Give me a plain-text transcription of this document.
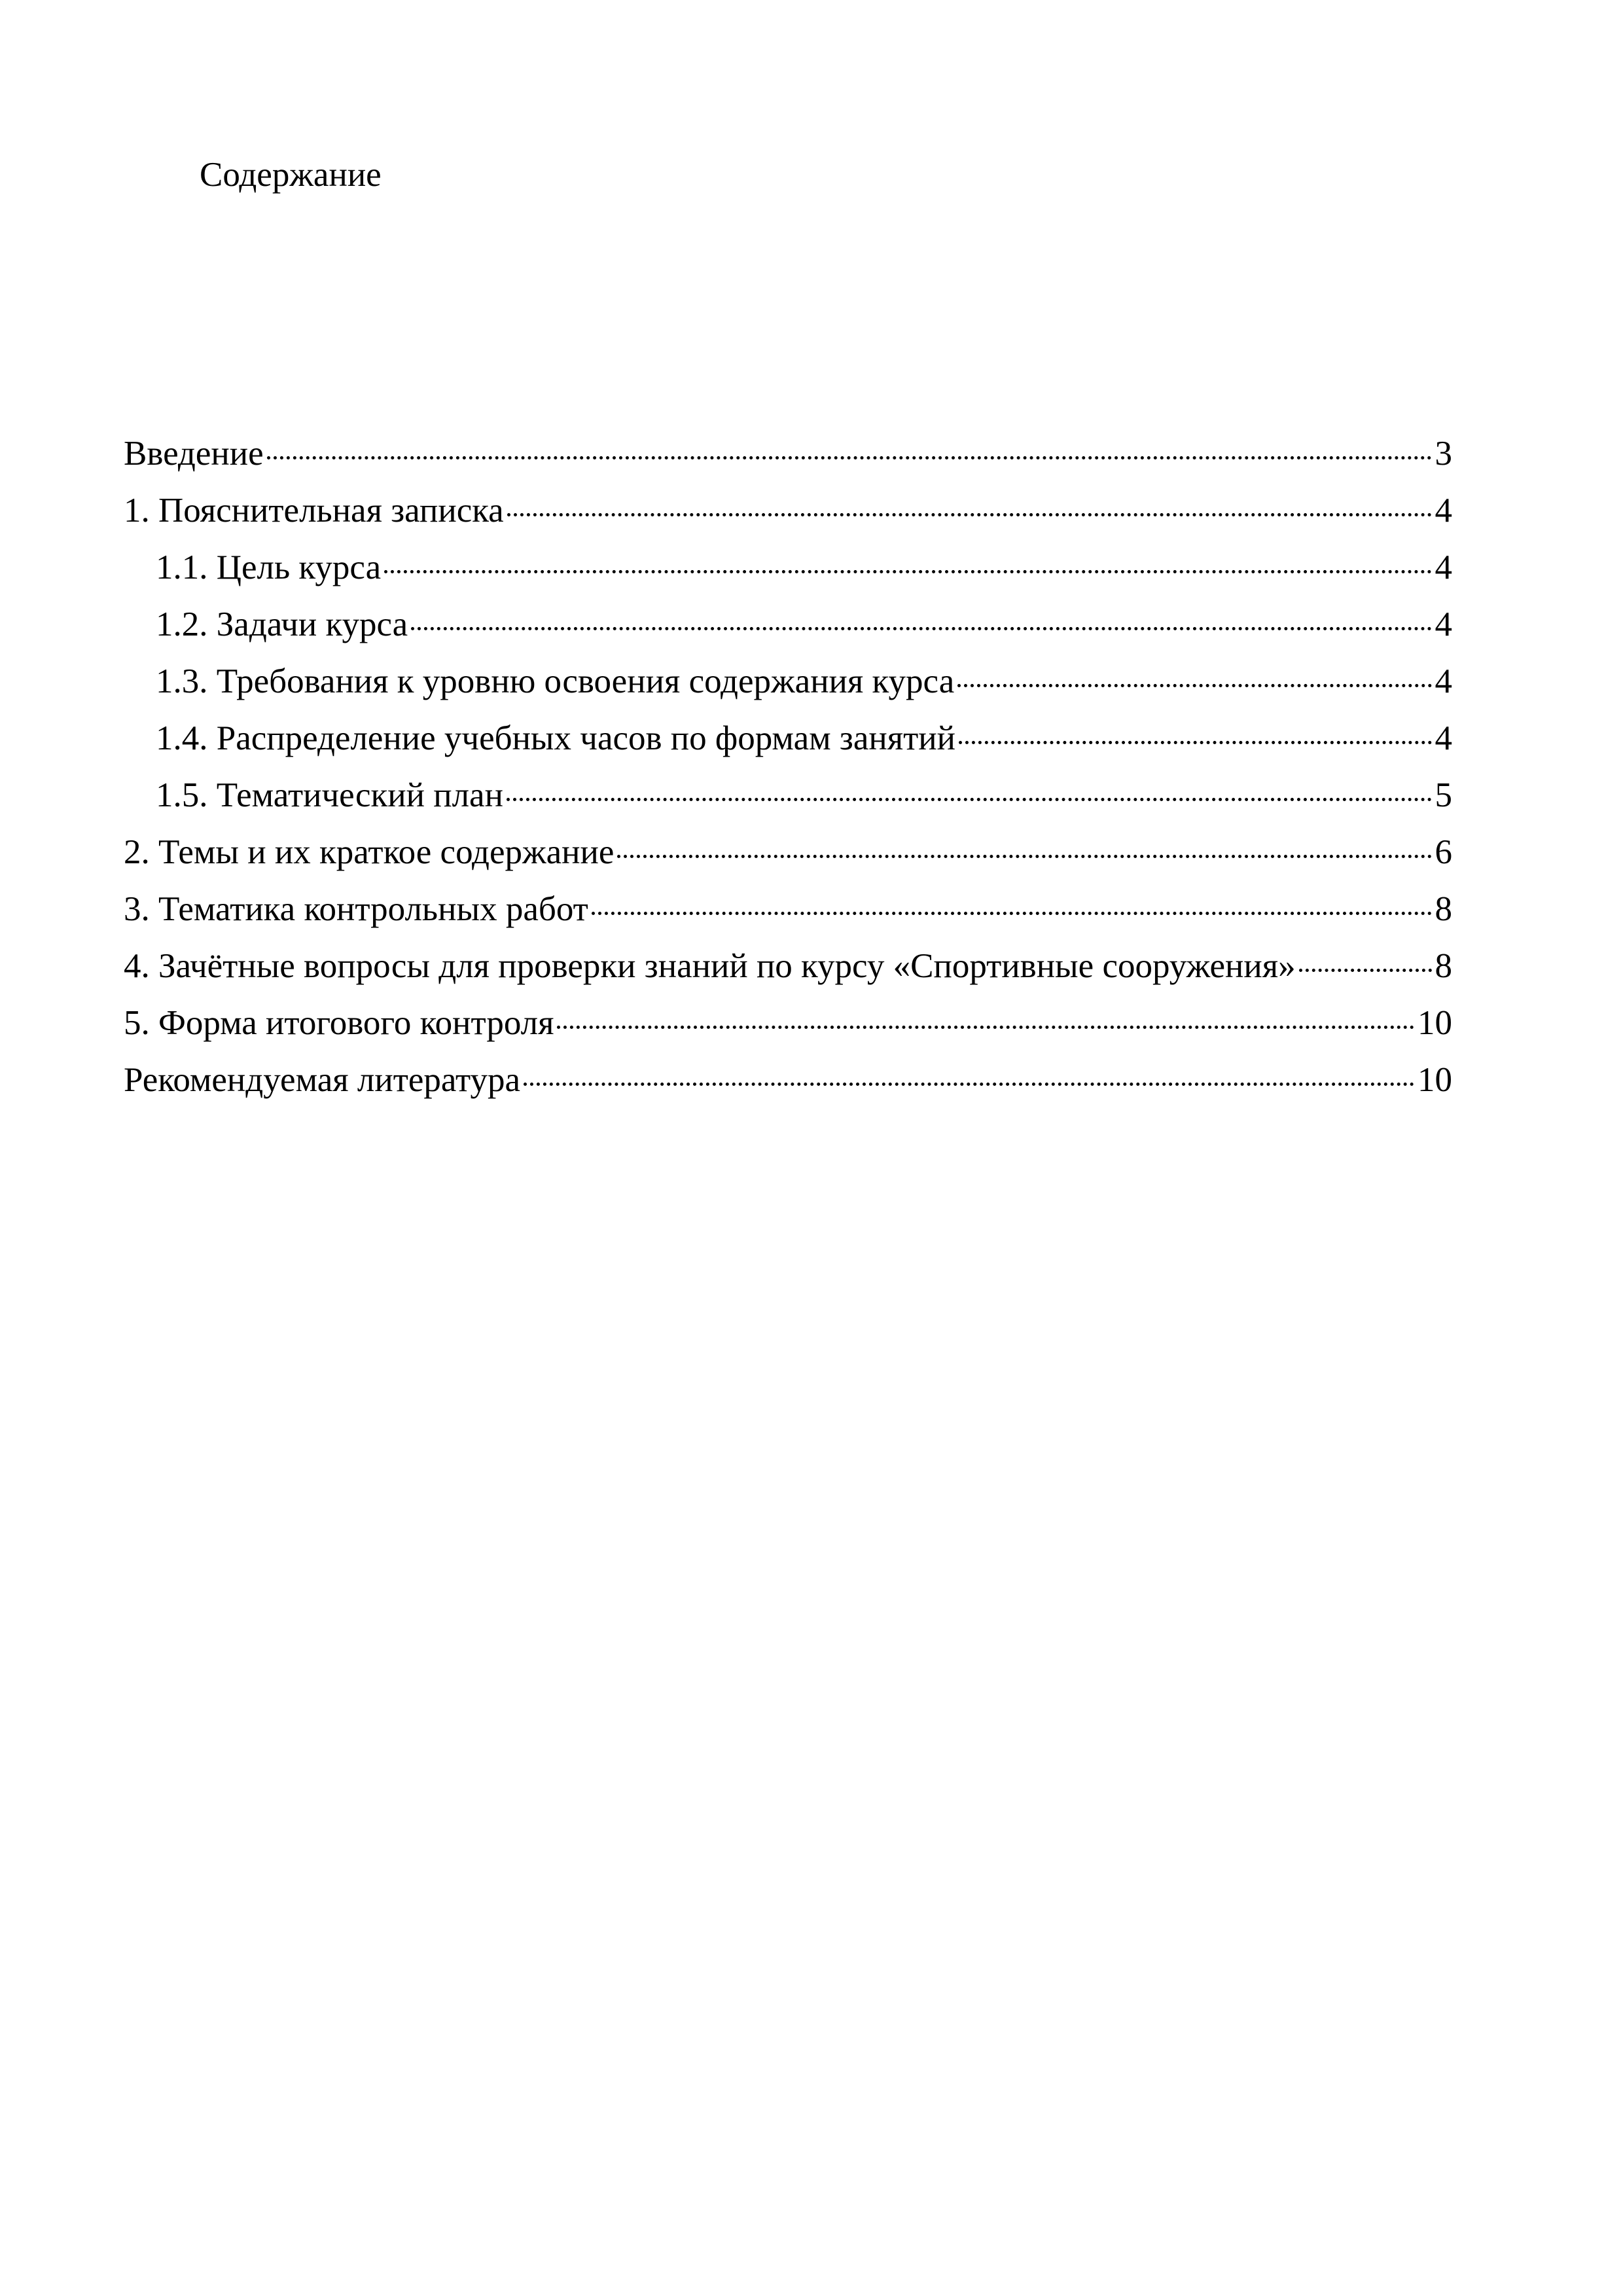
Содержание
Введение	3
1. Пояснительная записка	4
1.1. Цель курса	4
1.2. Задачи курса	4
1.3. Требования к уровню освоения содержания курса	4
1.4. Распределение учебных часов по формам занятий	4
1.5. Тематический план	5
2. Темы и их краткое содержание	6
3. Тематика контрольных работ	8
4. Зачётные вопросы для проверки знаний по курсу «Спортивные сооружения»	8
5. Форма итогового контроля	10
Рекомендуемая литература	10
